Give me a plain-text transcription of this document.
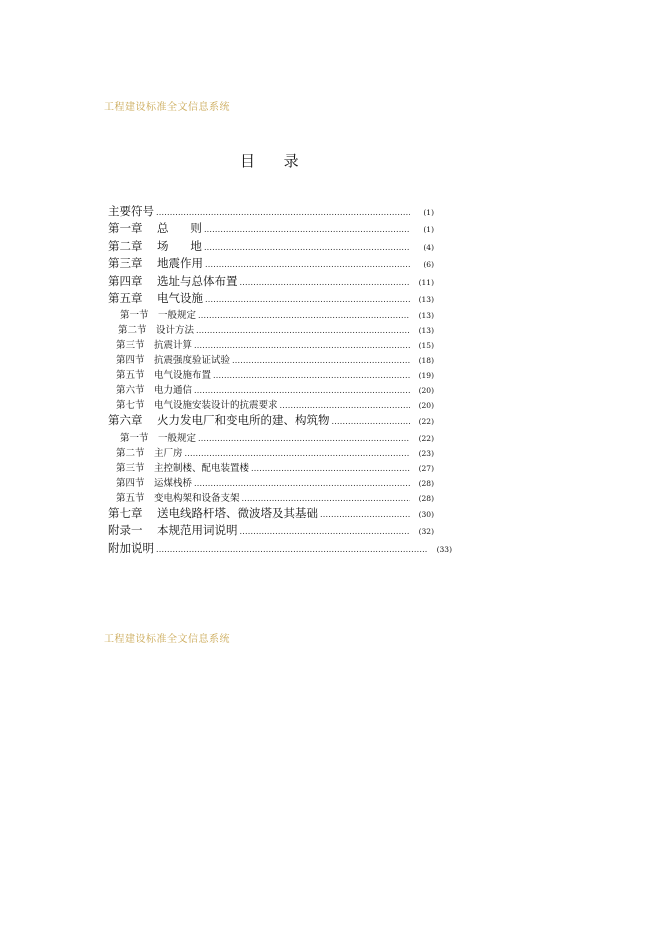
工程建设标准全文信息系统
目      录
主要符号 .....	(1)
第一章	总      则 .....	(1)
第二章	场      地 .....	(4)
第三章	地震作用 .....	(6)
第四章	选址与总体布置 .....	(11)
第五章	电气设施 .....	(13)
第一节 一般规定 .....	(13)
第二节 设计方法 .....	(13)
第三节 抗震计算 .....	(15)
第四节 抗震强度验证试验 .....	(18)
第五节 电气设施布置 .....	(19)
第六节 电力通信 .....	(20)
第七节 电气设施安装设计的抗震要求 .....	(20)
第六章	火力发电厂和变电所的建、构筑物 .....	(22)
第一节 一般规定 .....	(22)
第二节 主厂房 .....	(23)
第三节 主控制楼、配电装置楼 .....	(27)
第四节 运煤栈桥 .....	(28)
第五节 变电构架和设备支架 .....	(28)
第七章	送电线路杆塔、微波塔及其基础 .....	(30)
附录一	本规范用词说明 .....	(32)
附加说明 .....	(33)
工程建设标准全文信息系统
